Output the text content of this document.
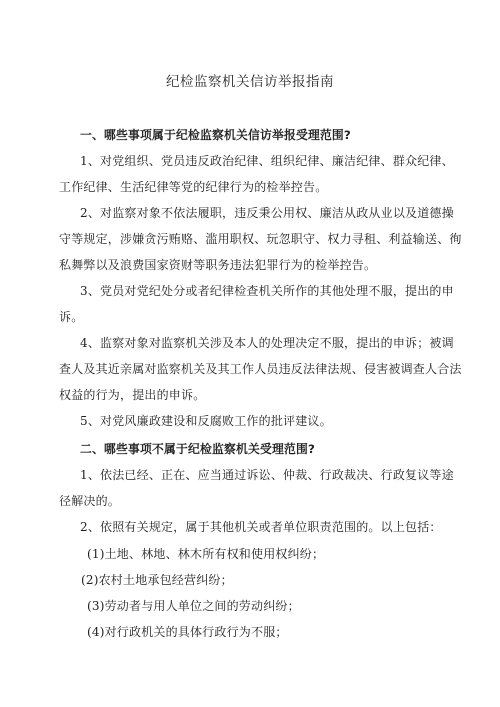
纪检监察机关信访举报指南
一、哪些事项属于纪检监察机关信访举报受理范围?
1、对党组织、党员违反政治纪律、组织纪律、廉洁纪律、群众纪律、
工作纪律、生活纪律等党的纪律行为的检举控告。
2、对监察对象不依法履职，违反秉公用权、廉洁从政从业以及道德操
守等规定，涉嫌贪污贿赂、滥用职权、玩忽职守、权力寻租、利益输送、徇
私舞弊以及浪费国家资财等职务违法犯罪行为的检举控告。
3、党员对党纪处分或者纪律检查机关所作的其他处理不服，提出的申
诉。
4、监察对象对监察机关涉及本人的处理决定不服，提出的申诉；被调
查人及其近亲属对监察机关及其工作人员违反法律法规、侵害被调查人合法
权益的行为，提出的申诉。
5、对党风廉政建设和反腐败工作的批评建议。
二、哪些事项不属于纪检监察机关受理范围?
1、依法已经、正在、应当通过诉讼、仲裁、行政裁决、行政复议等途
径解决的。
2、依照有关规定，属于其他机关或者单位职责范围的。以上包括：
(1)土地、林地、林木所有权和使用权纠纷；
(2)农村土地承包经营纠纷；
(3)劳动者与用人单位之间的劳动纠纷；
(4)对行政机关的具体行政行为不服；
